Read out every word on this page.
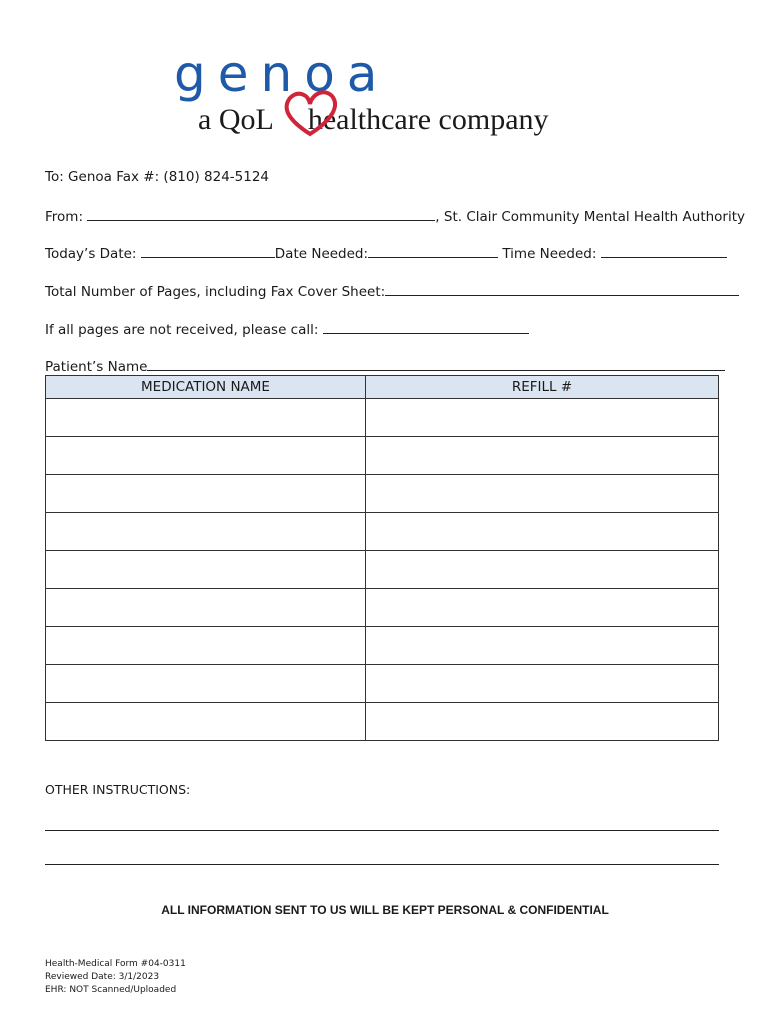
genoa
a QoL healthcare company
To: Genoa Fax #: (810) 824-5124
From:	, St. Clair Community Mental Health Authority
Today’s Date:	Date Needed:	Time Needed:
Total Number of Pages, including Fax Cover Sheet:
If all pages are not received, please call:
Patient’s Name
MEDICATION NAME	REFILL #

OTHER INSTRUCTIONS:
ALL INFORMATION SENT TO US WILL BE KEPT PERSONAL & CONFIDENTIAL
Health-Medical Form #04-0311
Reviewed Date: 3/1/2023
EHR: NOT Scanned/Uploaded
